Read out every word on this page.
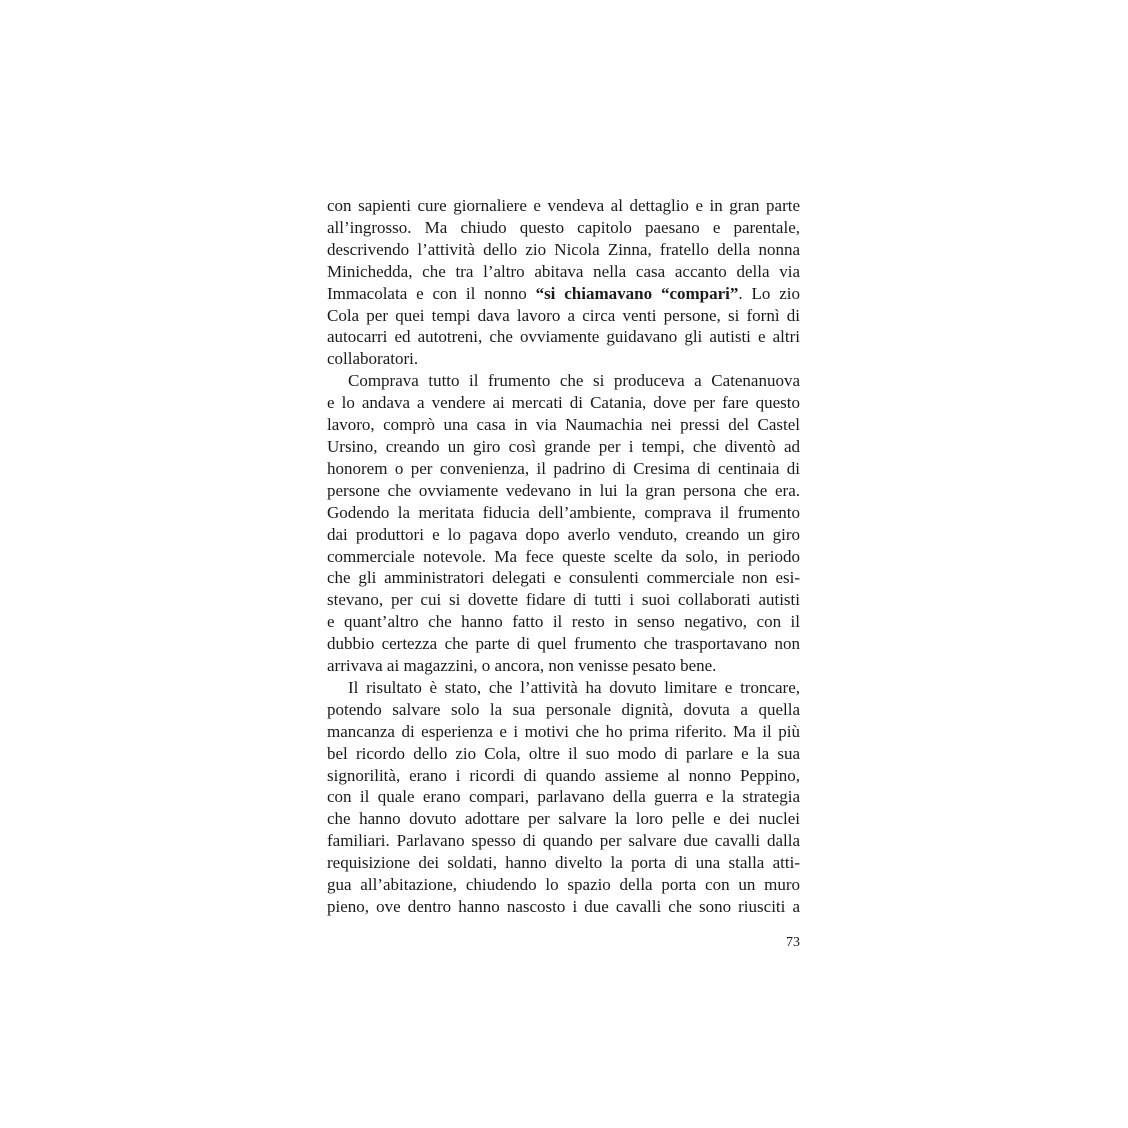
con sapienti cure giornaliere e vendeva al dettaglio e in gran parte
all’ingrosso. Ma chiudo questo capitolo paesano e parentale,
descrivendo l’attività dello zio Nicola Zinna, fratello della nonna
Minichedda, che tra l’altro abitava nella casa accanto della via
Immacolata e con il nonno “si chiamavano “compari”. Lo zio
Cola per quei tempi dava lavoro a circa venti persone, si fornì di
autocarri ed autotreni, che ovviamente guidavano gli autisti e altri
collaboratori.

Comprava tutto il frumento che si produceva a Catenanuova
e lo andava a vendere ai mercati di Catania, dove per fare questo
lavoro, comprò una casa in via Naumachia nei pressi del Castel
Ursino, creando un giro così grande per i tempi, che diventò ad
honorem o per convenienza, il padrino di Cresima di centinaia di
persone che ovviamente vedevano in lui la gran persona che era.
Godendo la meritata fiducia dell’ambiente, comprava il frumento
dai produttori e lo pagava dopo averlo venduto, creando un giro
commerciale notevole. Ma fece queste scelte da solo, in periodo
che gli amministratori delegati e consulenti commerciale non esi-
stevano, per cui si dovette fidare di tutti i suoi collaborati autisti
e quant’altro che hanno fatto il resto in senso negativo, con il
dubbio certezza che parte di quel frumento che trasportavano non
arrivava ai magazzini, o ancora, non venisse pesato bene.

Il risultato è stato, che l’attività ha dovuto limitare e troncare,
potendo salvare solo la sua personale dignità, dovuta a quella
mancanza di esperienza e i motivi che ho prima riferito. Ma il più
bel ricordo dello zio Cola, oltre il suo modo di parlare e la sua
signorilità, erano i ricordi di quando assieme al nonno Peppino,
con il quale erano compari, parlavano della guerra e la strategia
che hanno dovuto adottare per salvare la loro pelle e dei nuclei
familiari. Parlavano spesso di quando per salvare due cavalli dalla
requisizione dei soldati, hanno divelto la porta di una stalla atti-
gua all’abitazione, chiudendo lo spazio della porta con un muro
pieno, ove dentro hanno nascosto i due cavalli che sono riusciti a

73
